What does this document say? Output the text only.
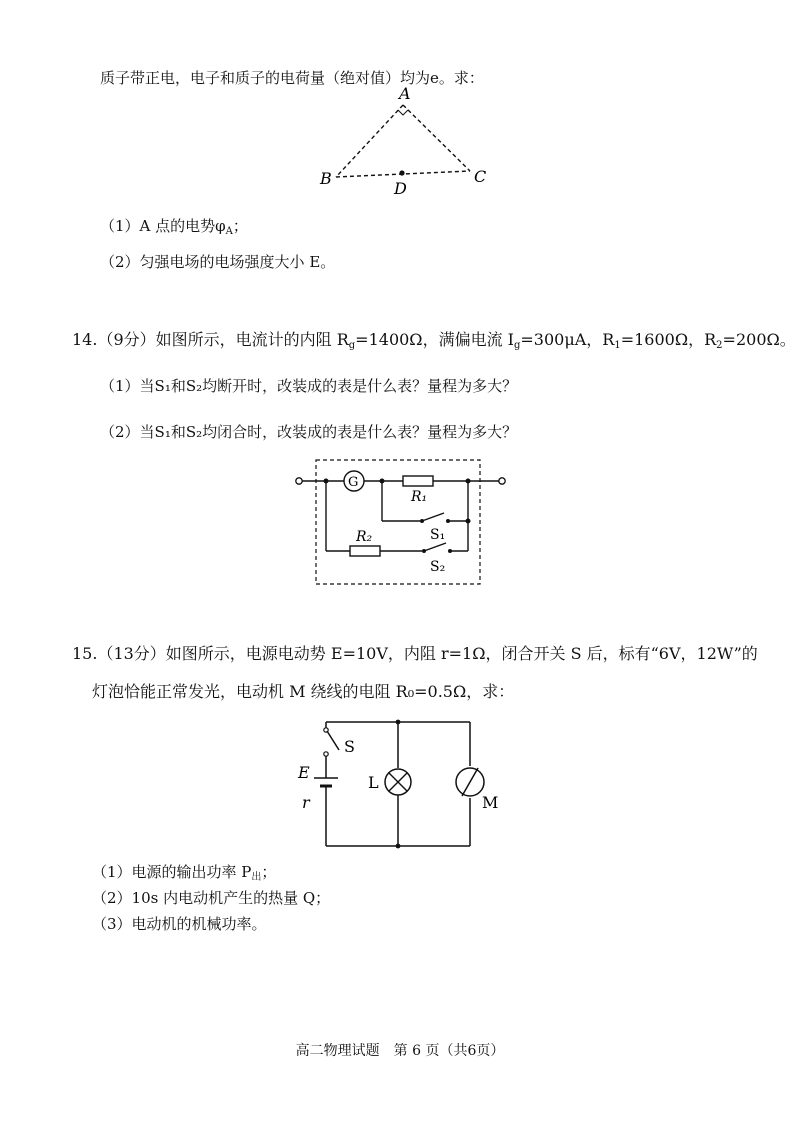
质子带正电，电子和质子的电荷量（绝对值）均为e。求：
A
B	C
D
（1）A 点的电势$\varphi_A$；
（2）匀强电场的电场强度大小 E。
14.（9分）如图所示，电流计的内阻 $R_g=1400\Omega$，满偏电流 $I_g=300\mu A$，$R_1=1600\Omega$，$R_2=200\Omega$。
（1）当S₁和S₂均断开时，改装成的表是什么表？量程为多大？
（2）当S₁和S₂均闭合时，改装成的表是什么表？量程为多大？
G
R₁
S₁
R₂
S₂
15.（13分）如图所示，电源电动势 E=10V，内阻 r=1Ω，闭合开关 S 后，标有“6V，12W”的
灯泡恰能正常发光，电动机 M 绕线的电阻 R₀=0.5Ω，求：
S
E
r
L
M
（1）电源的输出功率 $P_出$；
（2）10s 内电动机产生的热量 Q；
（3）电动机的机械功率。
高二物理试题　第 6 页（共6页）
